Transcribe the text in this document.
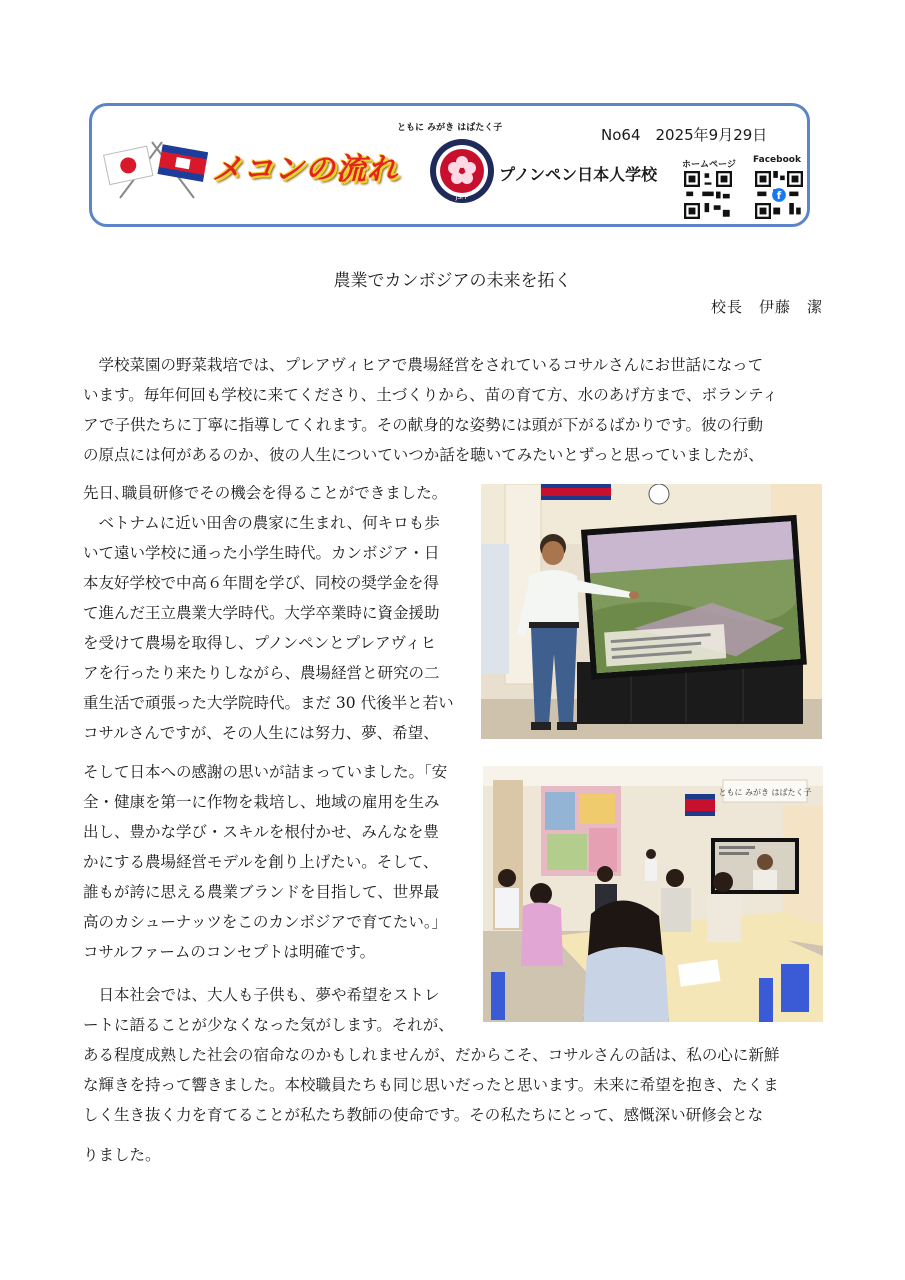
メコンの流れ
ともに みがき はばたく子
JSPP
プノンペン日本人学校
No64　2025年9月29日
ホームページ Facebook
f
農業でカンボジアの未来を拓く
校長　伊藤　潔
　学校菜園の野菜栽培では、プレアヴィヒアで農場経営をされているコサルさんにお世話になって
います。毎年何回も学校に来てくださり、土づくりから、苗の育て方、水のあげ方まで、ボランティ
アで子供たちに丁寧に指導してくれます。その献身的な姿勢には頭が下がるばかりです。彼の行動
の原点には何があるのか、彼の人生についていつか話を聴いてみたいとずっと思っていましたが、
先日､職員研修でその機会を得ることができました。
　ベトナムに近い田舎の農家に生まれ、何キロも歩
いて遠い学校に通った小学生時代。カンボジア・日
本友好学校で中高６年間を学び、同校の奨学金を得
て進んだ王立農業大学時代。大学卒業時に資金援助
を受けて農場を取得し、プノンペンとプレアヴィヒ
アを行ったり来たりしながら、農場経営と研究の二
重生活で頑張った大学院時代。まだ 30 代後半と若い
コサルさんですが、その人生には努力、夢、希望、
そして日本への感謝の思いが詰まっていました。｢安
全・健康を第一に作物を栽培し、地域の雇用を生み
出し、豊かな学び・スキルを根付かせ、みんなを豊
かにする農場経営モデルを創り上げたい。そして、
誰もが誇に思える農業ブランドを目指して、世界最
高のカシューナッツをこのカンボジアで育てたい。｣
コサルファームのコンセプトは明確です。
　日本社会では、大人も子供も、夢や希望をストレ
ートに語ることが少なくなった気がします。それが、
ある程度成熟した社会の宿命なのかもしれませんが、だからこそ、コサルさんの話は、私の心に新鮮
な輝きを持って響きました。本校職員たちも同じ思いだったと思います。未来に希望を抱き、たくま
しく生き抜く力を育てることが私たち教師の使命です。その私たちにとって、感慨深い研修会とな
りました。
ともに みがき はばたく子
